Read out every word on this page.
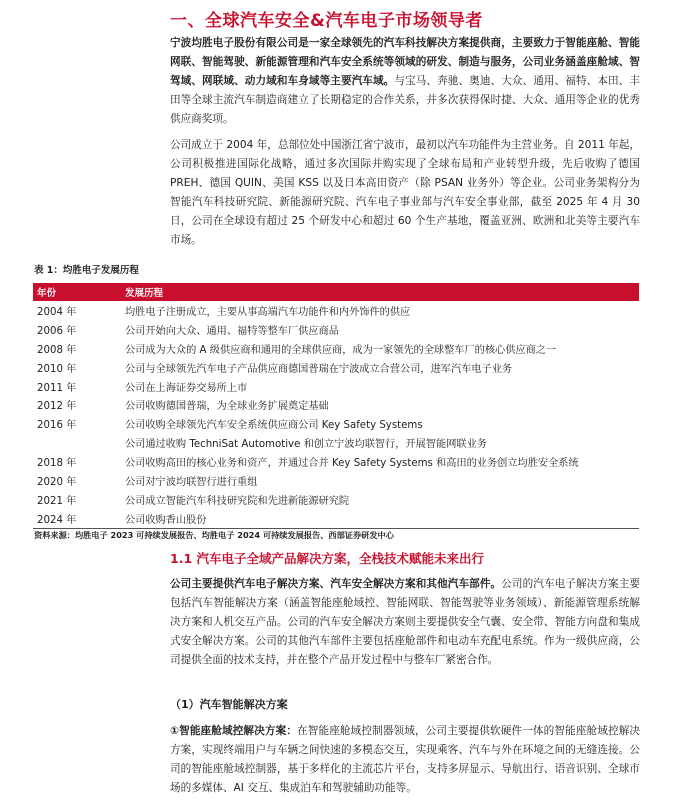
一、全球汽车安全&汽车电子市场领导者

宁波均胜电子股份有限公司是一家全球领先的汽车科技解决方案提供商，主要致力于智能座舱、智能网联、智能驾驶、新能源管理和汽车安全系统等领域的研发、制造与服务，公司业务涵盖座舱域、智驾域、网联域、动力域和车身域等主要汽车域。与宝马、奔驰、奥迪、大众、通用、福特、本田、丰田等全球主流汽车制造商建立了长期稳定的合作关系，并多次获得保时捷、大众、通用等企业的优秀供应商奖项。

公司成立于 2004 年，总部位处中国浙江省宁波市，最初以汽车功能件为主营业务。自 2011 年起，公司积极推进国际化战略，通过多次国际并购实现了全球布局和产业转型升级，先后收购了德国 PREH、德国 QUIN、美国 KSS 以及日本高田资产（除 PSAN 业务外）等企业。公司业务架构分为智能汽车科技研究院、新能源研究院、汽车电子事业部与汽车安全事业部，截至 2025 年 4 月 30 日，公司在全球设有超过 25 个研发中心和超过 60 个生产基地，覆盖亚洲、欧洲和北美等主要汽车市场。

表 1：均胜电子发展历程

年份	发展历程
2004 年	均胜电子注册成立，主要从事高端汽车功能件和内外饰件的供应
2006 年	公司开始向大众、通用、福特等整车厂供应商品
2008 年	公司成为大众的 A 级供应商和通用的全球供应商，成为一家领先的全球整车厂的核心供应商之一
2010 年	公司与全球领先汽车电子产品供应商德国普瑞在宁波成立合营公司，进军汽车电子业务
2011 年	公司在上海证券交易所上市
2012 年	公司收购德国普瑞，为全球业务扩展奠定基础
2016 年	公司收购全球领先汽车安全系统供应商公司 Key Safety Systems
	公司通过收购 TechniSat Automotive 和创立宁波均联智行，开展智能网联业务
2018 年	公司收购高田的核心业务和资产，并通过合并 Key Safety Systems 和高田的业务创立均胜安全系统
2020 年	公司对宁波均联智行进行重组
2021 年	公司成立智能汽车科技研究院和先进新能源研究院
2024 年	公司收购香山股份

资料来源：均胜电子 2023 可持续发展报告、均胜电子 2024 可持续发展报告、西部证券研发中心

1.1 汽车电子全域产品解决方案，全栈技术赋能未来出行

公司主要提供汽车电子解决方案、汽车安全解决方案和其他汽车部件。公司的汽车电子解决方案主要包括汽车智能解决方案（涵盖智能座舱域控、智能网联、智能驾驶等业务领域）、新能源管理系统解决方案和人机交互产品。公司的汽车安全解决方案则主要提供安全气囊、安全带、智能方向盘和集成式安全解决方案。公司的其他汽车部件主要包括座舱部件和电动车充配电系统。作为一级供应商，公司提供全面的技术支持，并在整个产品开发过程中与整车厂紧密合作。

（1）汽车智能解决方案

①智能座舱域控解决方案：在智能座舱域控制器领域，公司主要提供软硬件一体的智能座舱域控解决方案，实现终端用户与车辆之间快速的多模态交互，实现乘客、汽车与外在环境之间的无缝连接。公司的智能座舱域控制器，基于多样化的主流芯片平台，支持多屏显示、导航出行、语音识别、全球市场的多媒体、AI 交互、集成泊车和驾驶辅助功能等。
